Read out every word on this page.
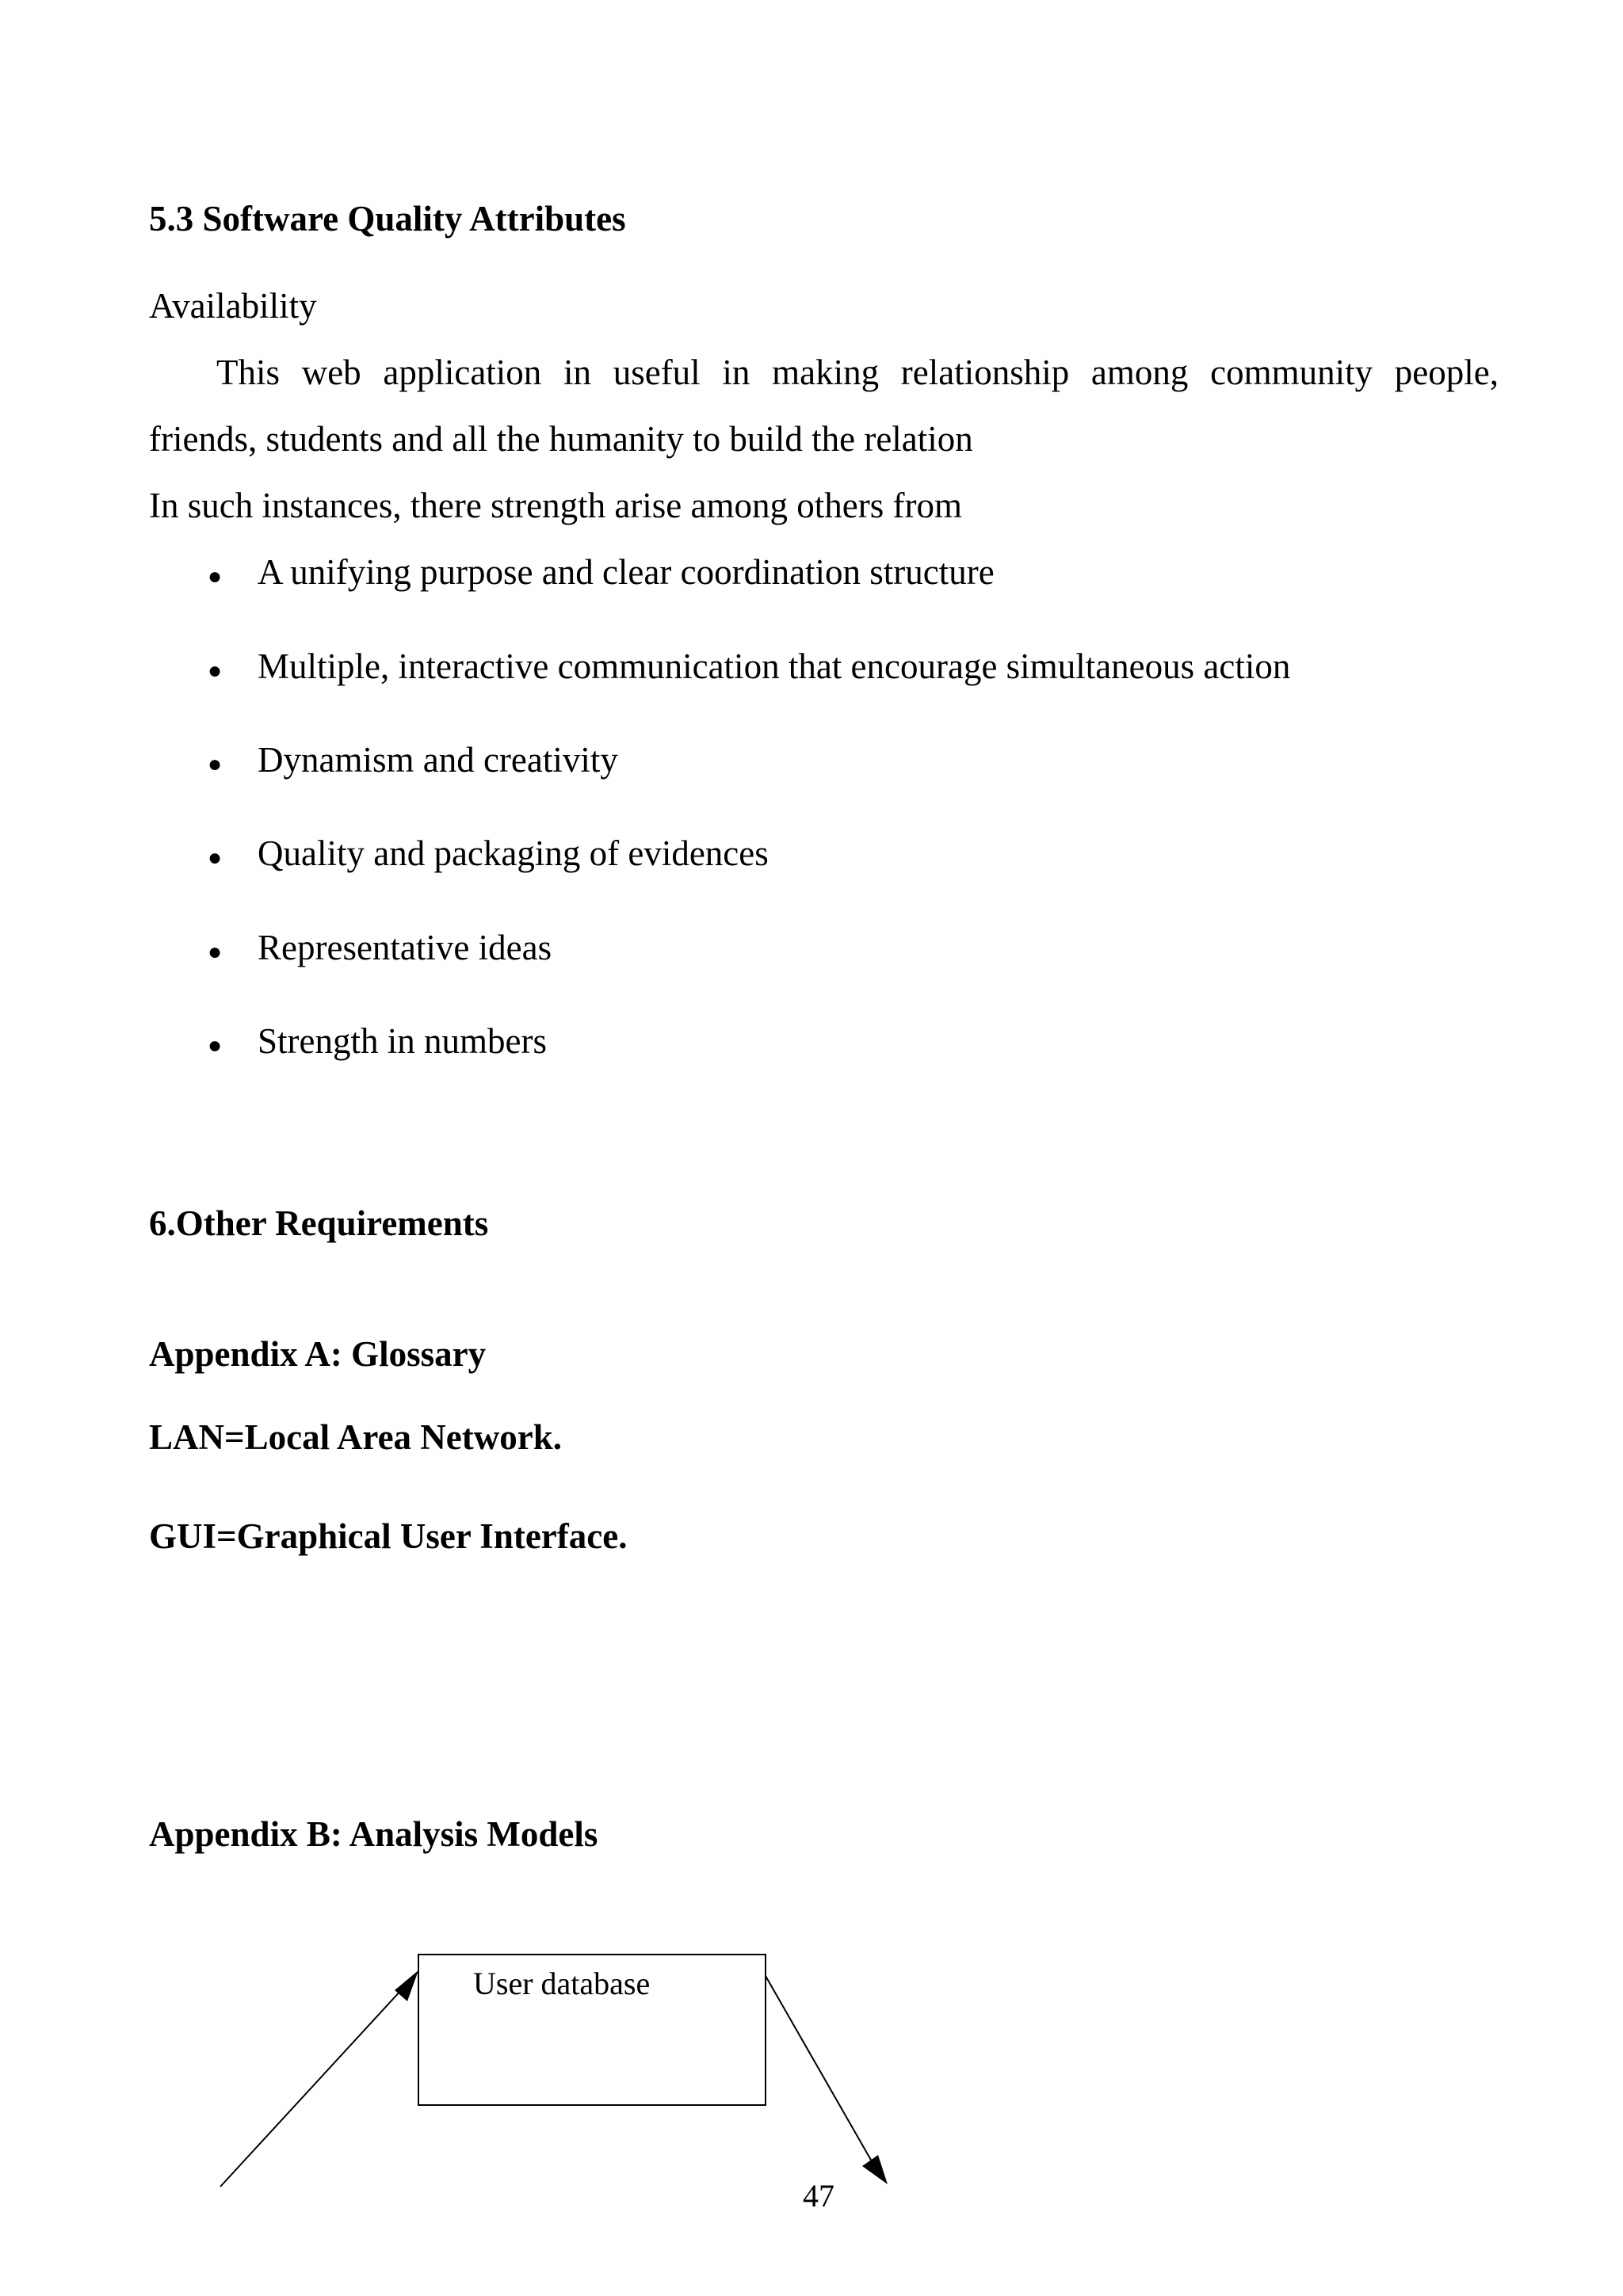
5.3 Software Quality Attributes
Availability
This web application in useful in making relationship among community people,
friends, students and all the humanity to build the relation
In such instances, there strength arise among others from
● A unifying purpose and clear coordination structure
● Multiple, interactive communication that encourage simultaneous action
● Dynamism and creativity
● Quality and packaging of evidences
● Representative ideas
● Strength in numbers
6.Other Requirements
Appendix A: Glossary
LAN=Local Area Network.
GUI=Graphical User Interface.
Appendix B: Analysis Models
User database
47
